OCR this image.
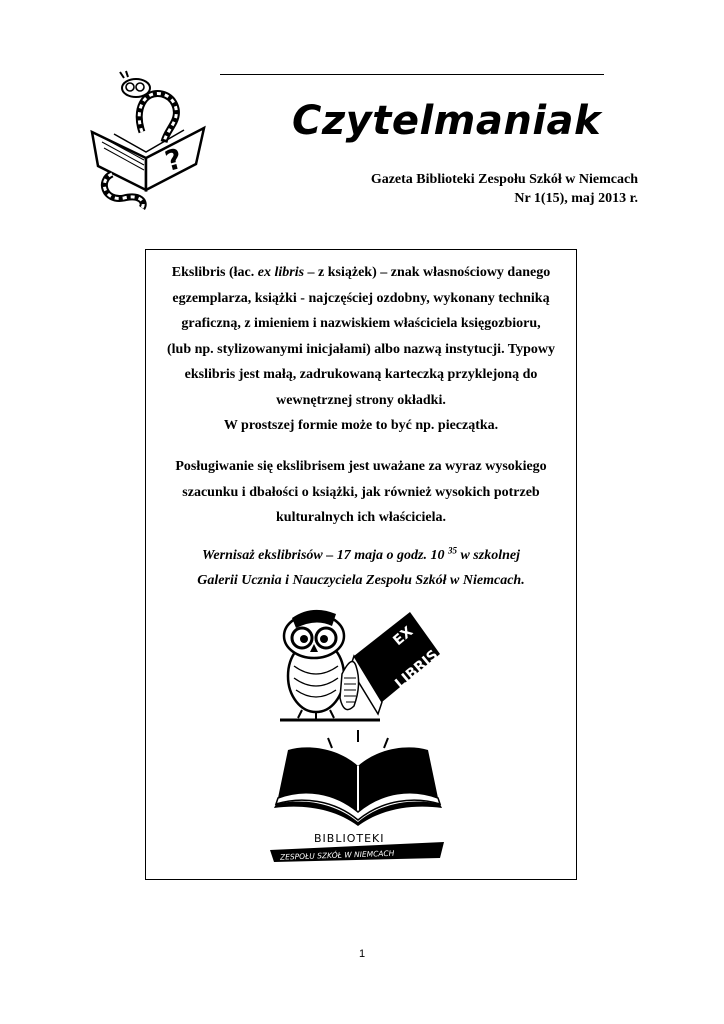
?
Czytelmaniak
Gazeta Biblioteki Zespołu Szkół w Niemcach
Nr 1(15), maj 2013 r.
Ekslibris (łac. ex libris – z książek) – znak własnościowy danego
egzemplarza, książki - najczęściej ozdobny, wykonany techniką
graficzną, z imieniem i nazwiskiem właściciela księgozbioru,
(lub np. stylizowanymi inicjałami) albo nazwą instytucji. Typowy
ekslibris jest małą, zadrukowaną karteczką przyklejoną do
wewnętrznej strony okładki.
W prostszej formie może to być np. pieczątka.
Posługiwanie się ekslibrisem jest uważane za wyraz wysokiego
szacunku i dbałości o książki, jak również wysokich potrzeb
kulturalnych ich właściciela.
Wernisaż ekslibrisów – 17 maja o godz. 10 $^{35}$ w szkolnej
Galerii Ucznia i Nauczyciela Zespołu Szkół w Niemcach.
EX
LIBRIS
BIBLIOTEKI
ZESPOŁU SZKÓŁ W NIEMCACH
1
